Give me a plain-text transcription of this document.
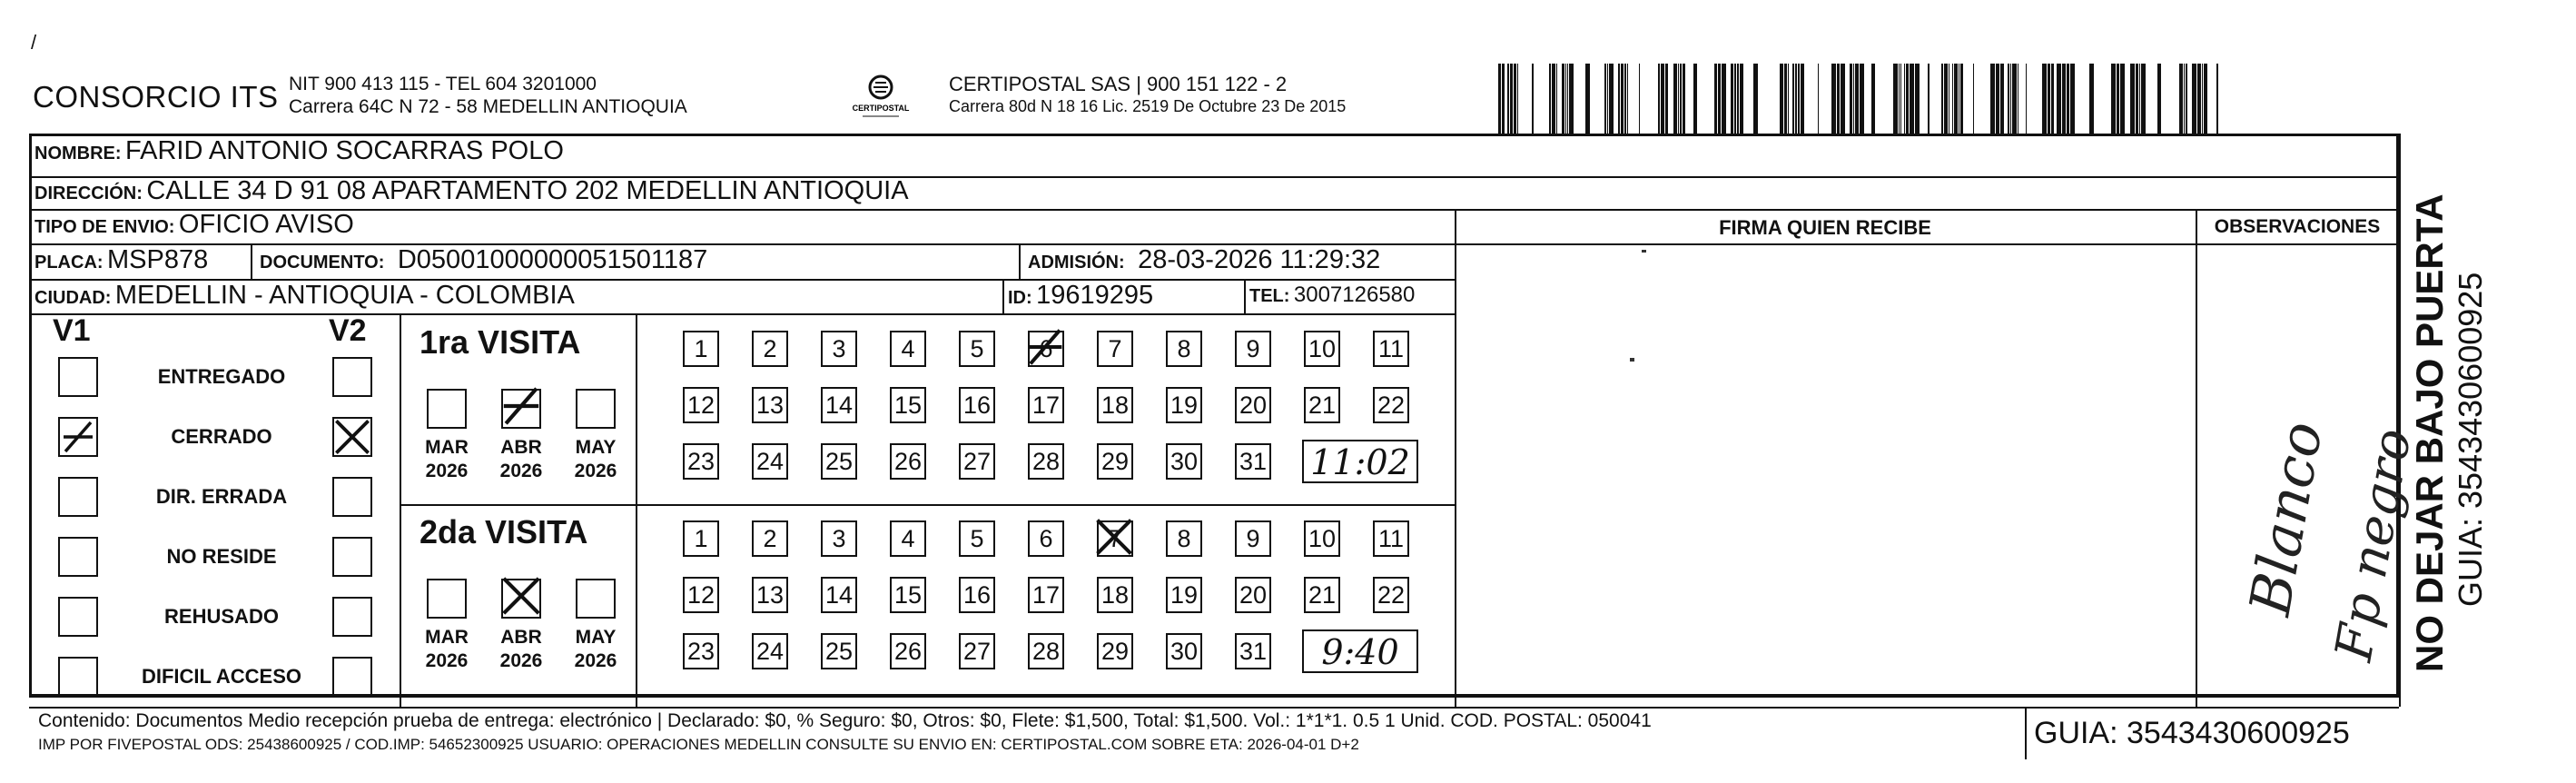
/
CONSORCIO ITS NIT 900 413 115 - TEL 604 3201000
Carrera 64C N 72 - 58 MEDELLIN ANTIOQUIA	CERTIPOSTAL
CERTIPOSTAL SAS | 900 151 122 - 2
Carrera 80d N 18 16 Lic. 2519 De Octubre 23 De 2015
NOMBRE: FARID ANTONIO SOCARRAS POLO
DIRECCIÓN: CALLE 34 D 91 08 APARTAMENTO 202 MEDELLIN ANTIOQUIA
TIPO DE ENVIO: OFICIO AVISO
PLACA: MSP878	DOCUMENTO: D05001000000051501187	ADMISIÓN: 28-03-2026 11:29:32
CIUDAD: MEDELLIN - ANTIOQUIA - COLOMBIA	ID: 19619295	TEL: 3007126580
FIRMA QUIEN RECIBE	OBSERVACIONES
V1	V2
ENTREGADO
CERRADO
DIR. ERRADA
NO RESIDE
REHUSADO
DIFICIL ACCESO
1ra VISITA
2da VISITA
MAR
2026
ABR
2026
MAY
2026
MAR
2026
ABR
2026
MAY
2026
1	2	3	4	5	6	7	8	9	10 11
12 13 14 15 16 17 18 19 20 21 22
23 24 25 26 27 28 29 30 31 11:02
1	2	3	4	5	6	7	8	9	10 11
12 13 14 15 16 17 18 19 20 21 22
23 24 25 26 27 28 29 30 31	9:40
Blanco
Fp negro
NO DEJAR BAJO PUERTA GUIA: 3543430600925
Contenido: Documentos Medio recepción prueba de entrega: electrónico | Declarado: $0, % Seguro: $0, Otros: $0, Flete: $1,500, Total: $1,500. Vol.: 1*1*1. 0.5 1 Unid. COD. POSTAL: 050041
IMP POR FIVEPOSTAL ODS: 25438600925 / COD.IMP: 54652300925 USUARIO: OPERACIONES MEDELLIN CONSULTE SU ENVIO EN: CERTIPOSTAL.COM SOBRE ETA: 2026-04-01 D+2	GUIA: 3543430600925
